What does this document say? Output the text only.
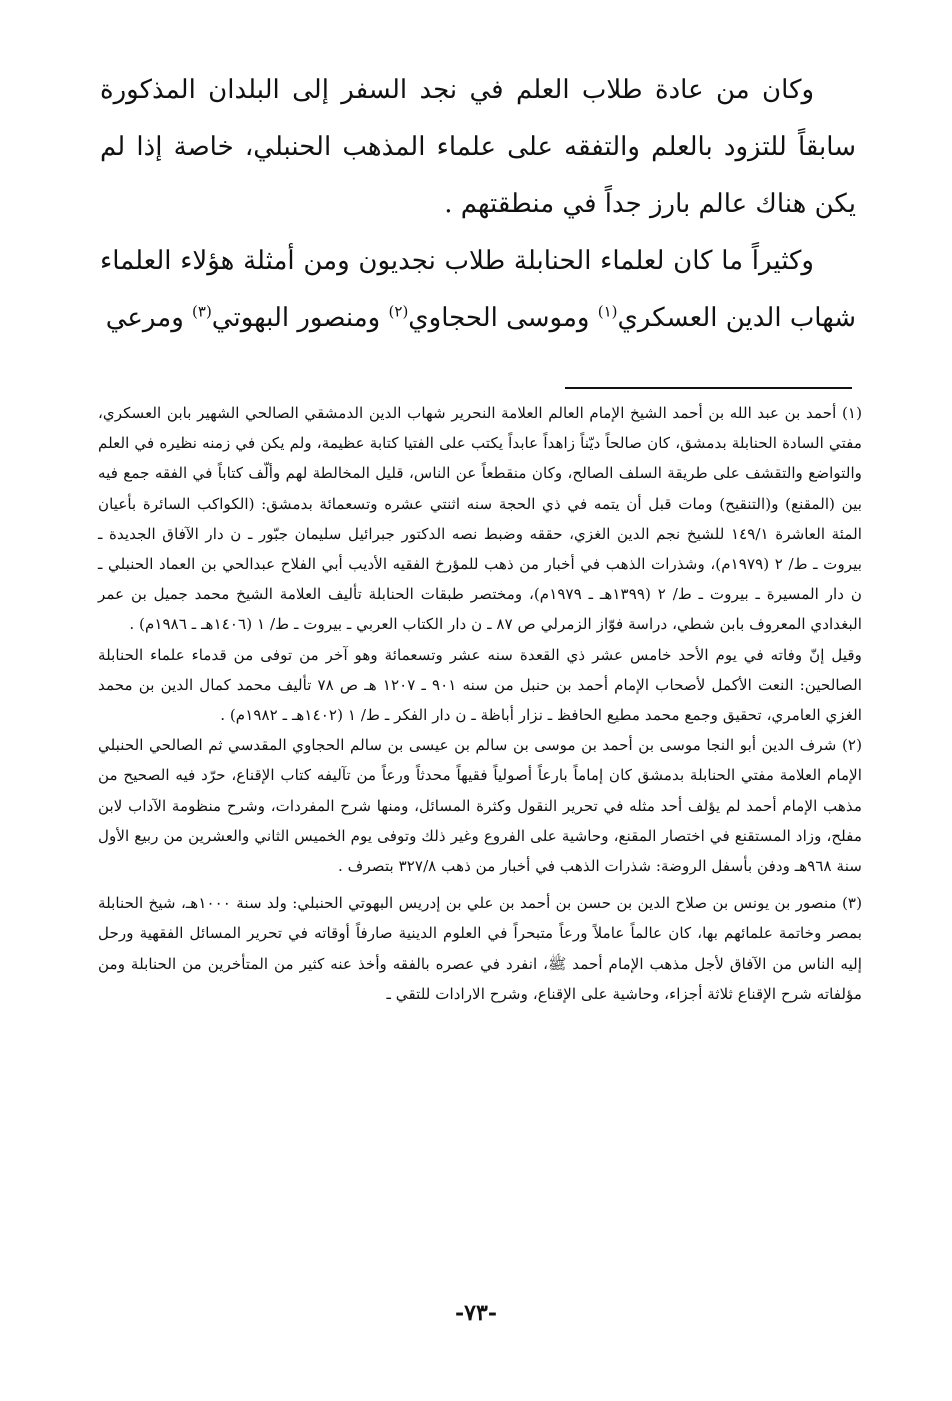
وكان من عادة طلاب العلم في نجد السفر إلى البلدان المذكورة سابقاً للتزود بالعلم والتفقه على علماء المذهب الحنبلي، خاصة إذا لم يكن هناك عالم بارز جداً في منطقتهم .

وكثيراً ما كان لعلماء الحنابلة طلاب نجديون ومن أمثلة هؤلاء العلماء شهاب الدين العسكري$^{(١)}$ وموسى الحجاوي$^{(٢)}$ ومنصور البهوتي$^{(٣)}$ ومرعي

(١) أحمد بن عبد الله بن أحمد الشيخ الإمام العالم العلامة النحرير شهاب الدين الدمشقي الصالحي الشهير بابن العسكري، مفتي السادة الحنابلة بدمشق، كان صالحاً ديّناً زاهداً عابداً يكتب على الفتيا كتابة عظيمة، ولم يكن في زمنه نظيره في العلم والتواضع والتقشف على طريقة السلف الصالح، وكان منقطعاً عن الناس، قليل المخالطة لهم وألّف كتاباً في الفقه جمع فيه بين (المقنع) و(التنقيح) ومات قبل أن يتمه في ذي الحجة سنه اثنتي عشره وتسعمائة بدمشق: (الكواكب السائرة بأعيان المئة العاشرة ١٤٩/١ للشيخ نجم الدين الغزي، حققه وضبط نصه الدكتور جبرائيل سليمان جبّور ـ ن دار الآفاق الجديدة ـ بيروت ـ ط/ ٢ (١٩٧٩م)، وشذرات الذهب في أخبار من ذهب للمؤرخ الفقيه الأديب أبي الفلاح عبدالحي بن العماد الحنبلي ـ ن دار المسيرة ـ بيروت ـ ط/ ٢ (١٣٩٩هـ ـ ١٩٧٩م)، ومختصر طبقات الحنابلة تأليف العلامة الشيخ محمد جميل بن عمر البغدادي المعروف بابن شطي، دراسة فوّاز الزمرلي ص ٨٧ ـ ن دار الكتاب العربي ـ بيروت ـ ط/ ١ (١٤٠٦هـ ـ ١٩٨٦م) .

وقيل إنّ وفاته في يوم الأحد خامس عشر ذي القعدة سنه عشر وتسعمائة وهو آخر من توفى من قدماء علماء الحنابلة الصالحين: النعت الأكمل لأصحاب الإمام أحمد بن حنبل من سنه ٩٠١ ـ ١٢٠٧ هـ ص ٧٨ تأليف محمد كمال الدين بن محمد الغزي العامري، تحقيق وجمع محمد مطيع الحافظ ـ نزار أباظة ـ ن دار الفكر ـ ط/ ١ (١٤٠٢هـ ـ ١٩٨٢م) .

(٢) شرف الدين أبو النجا موسى بن أحمد بن موسى بن سالم بن عيسى بن سالم الحجاوي المقدسي ثم الصالحي الحنبلي الإمام العلامة مفتي الحنابلة بدمشق كان إماماً بارعاً أصولياً فقيهاً محدثاً ورعاً من تآليفه كتاب الإقناع، حرّد فيه الصحيح من مذهب الإمام أحمد لم يؤلف أحد مثله في تحرير النقول وكثرة المسائل، ومنها شرح المفردات، وشرح منظومة الآداب لابن مفلح، وزاد المستقنع في اختصار المقنع، وحاشية على الفروع وغير ذلك وتوفى يوم الخميس الثاني والعشرين من ربيع الأول سنة ٩٦٨هـ ودفن بأسفل الروضة: شذرات الذهب في أخبار من ذهب ٣٢٧/٨ بتصرف .

(٣) منصور بن يونس بن صلاح الدين بن حسن بن أحمد بن علي بن إدريس البهوتي الحنبلي: ولد سنة ١٠٠٠هـ، شيخ الحنابلة بمصر وخاتمة علمائهم بها، كان عالماً عاملاً ورعاً متبحراً في العلوم الدينية صارفاً أوقاته في تحرير المسائل الفقهية ورحل إليه الناس من الآفاق لأجل مذهب الإمام أحمد ﷺ، انفرد في عصره بالفقه وأخذ عنه كثير من المتأخرين من الحنابلة ومن مؤلفاته شرح الإقناع ثلاثة أجزاء، وحاشية على الإقناع، وشرح الارادات للتقي ـ

-٧٣-
